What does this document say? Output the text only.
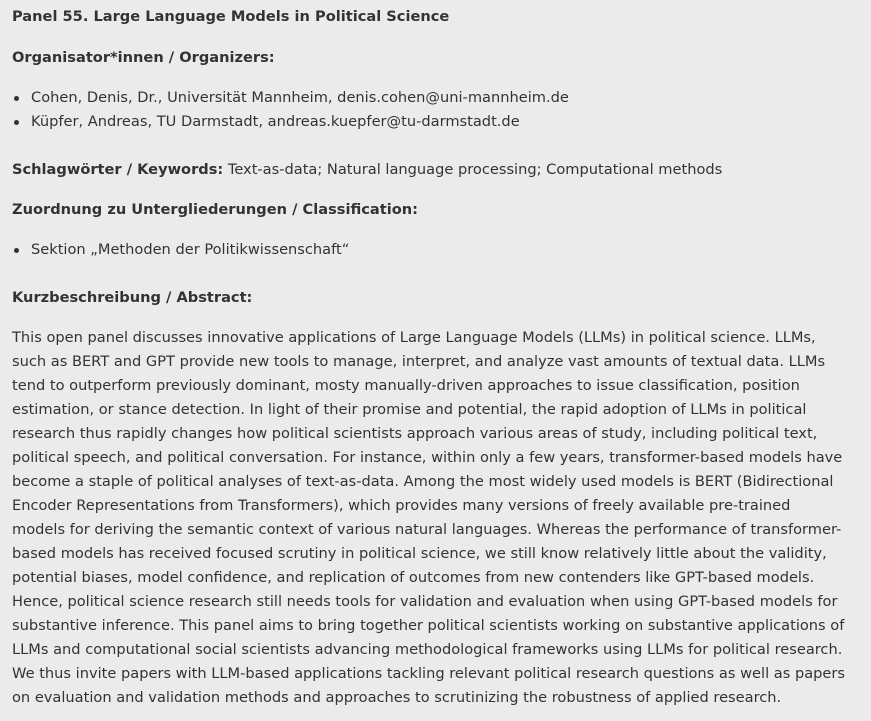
Panel 55. Large Language Models in Political Science
Organisator*innen / Organizers:
Cohen, Denis, Dr., Universität Mannheim, denis.cohen@uni-mannheim.de
Küpfer, Andreas, TU Darmstadt, andreas.kuepfer@tu-darmstadt.de
Schlagwörter / Keywords: Text-as-data; Natural language processing; Computational methods
Zuordnung zu Untergliederungen / Classification:
Sektion „Methoden der Politikwissenschaft“
Kurzbeschreibung / Abstract:

This open panel discusses innovative applications of Large Language Models (LLMs) in political science. LLMs, such as BERT and GPT provide new tools to manage, interpret, and analyze vast amounts of textual data. LLMs tend to outperform previously dominant, mosty manually-driven approaches to issue classification, position estimation, or stance detection. In light of their promise and potential, the rapid adoption of LLMs in political research thus rapidly changes how political scientists approach various areas of study, including political text, political speech, and political conversation. For instance, within only a few years, transformer-based models have become a staple of political analyses of text-as-data. Among the most widely used models is BERT (Bidirectional Encoder Representations from Transformers), which provides many versions of freely available pre-trained models for deriving the semantic context of various natural languages. Whereas the performance of transformer-based models has received focused scrutiny in political science, we still know relatively little about the validity, potential biases, model confidence, and replication of outcomes from new contenders like GPT-based models. Hence, political science research still needs tools for validation and evaluation when using GPT-based models for substantive inference. This panel aims to bring together political scientists working on substantive applications of LLMs and computational social scientists advancing methodological frameworks using LLMs for political research. We thus invite papers with LLM-based applications tackling relevant political research questions as well as papers on evaluation and validation methods and approaches to scrutinizing the robustness of applied research.
